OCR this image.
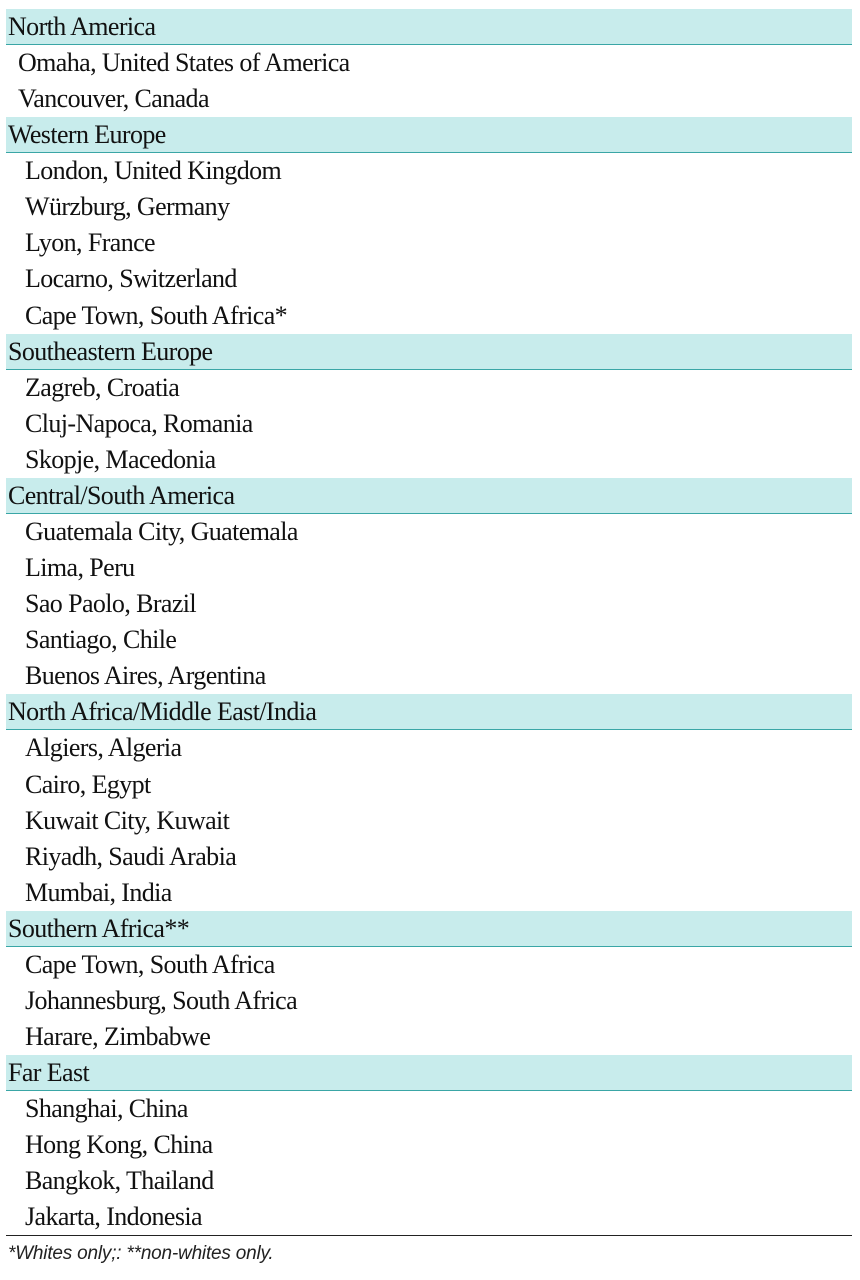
North America
Omaha, United States of America
Vancouver, Canada
Western Europe
London, United Kingdom
Würzburg, Germany
Lyon, France
Locarno, Switzerland
Cape Town, South Africa*
Southeastern Europe
Zagreb, Croatia
Cluj-Napoca, Romania
Skopje, Macedonia
Central/South America
Guatemala City, Guatemala
Lima, Peru
Sao Paolo, Brazil
Santiago, Chile
Buenos Aires, Argentina
North Africa/Middle East/India
Algiers, Algeria
Cairo, Egypt
Kuwait City, Kuwait
Riyadh, Saudi Arabia
Mumbai, India
Southern Africa**
Cape Town, South Africa
Johannesburg, South Africa
Harare, Zimbabwe
Far East
Shanghai, China
Hong Kong, China
Bangkok, Thailand
Jakarta, Indonesia
*Whites only;: **non-whites only.
